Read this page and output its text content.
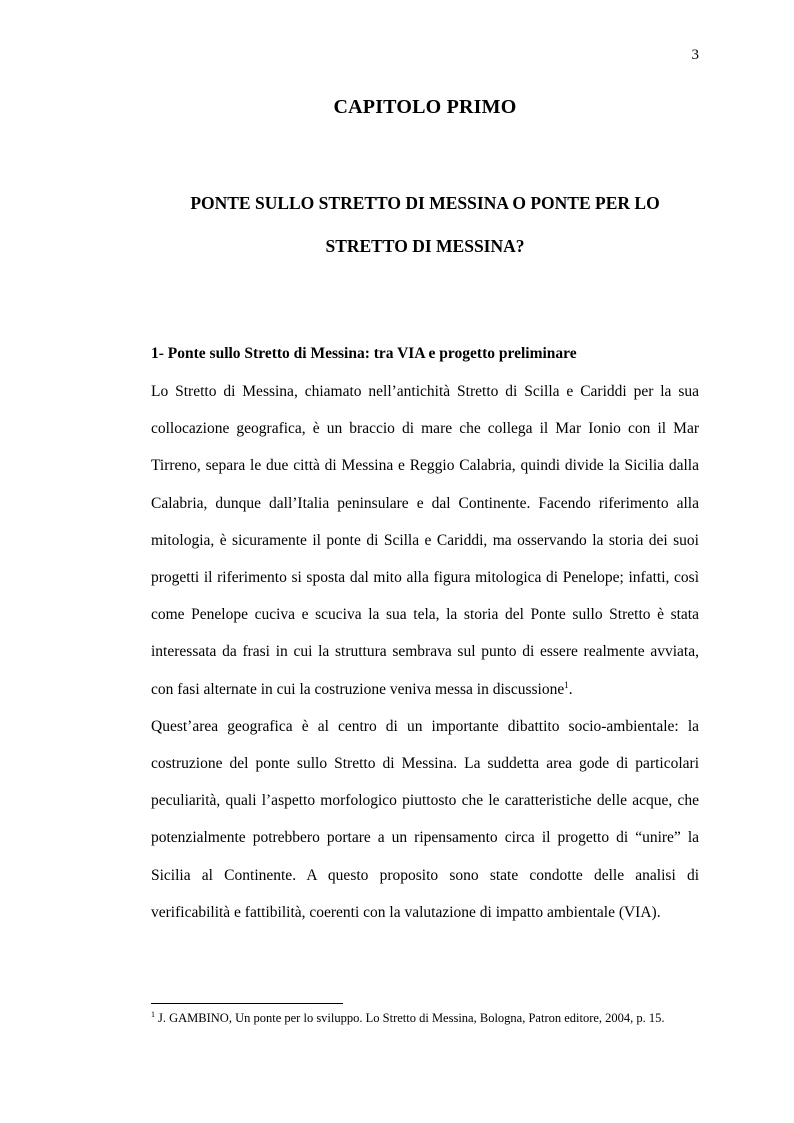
3
CAPITOLO PRIMO
PONTE SULLO STRETTO DI MESSINA O PONTE PER LO
STRETTO DI MESSINA?
1- Ponte sullo Stretto di Messina: tra VIA e progetto preliminare

Lo Stretto di Messina, chiamato nell’antichità Stretto di Scilla e Cariddi per la sua collocazione geografica, è un braccio di mare che collega il Mar Ionio con il Mar Tirreno, separa le due città di Messina e Reggio Calabria, quindi divide la Sicilia dalla Calabria, dunque dall’Italia peninsulare e dal Continente. Facendo riferimento alla mitologia, è sicuramente il ponte di Scilla e Cariddi, ma osservando la storia dei suoi progetti il riferimento si sposta dal mito alla figura mitologica di Penelope; infatti, così come Penelope cuciva e scuciva la sua tela, la storia del Ponte sullo Stretto è stata interessata da frasi in cui la struttura sembrava sul punto di essere realmente avviata, con fasi alternate in cui la costruzione veniva messa in discussione$^1$.

Quest’area geografica è al centro di un importante dibattito socio-ambientale: la costruzione del ponte sullo Stretto di Messina. La suddetta area gode di particolari peculiarità, quali l’aspetto morfologico piuttosto che le caratteristiche delle acque, che potenzialmente potrebbero portare a un ripensamento circa il progetto di “unire” la Sicilia al Continente. A questo proposito sono state condotte delle analisi di verificabilità e fattibilità, coerenti con la valutazione di impatto ambientale (VIA).

$^1$ J. GAMBINO, Un ponte per lo sviluppo. Lo Stretto di Messina, Bologna, Patron editore, 2004, p. 15.
